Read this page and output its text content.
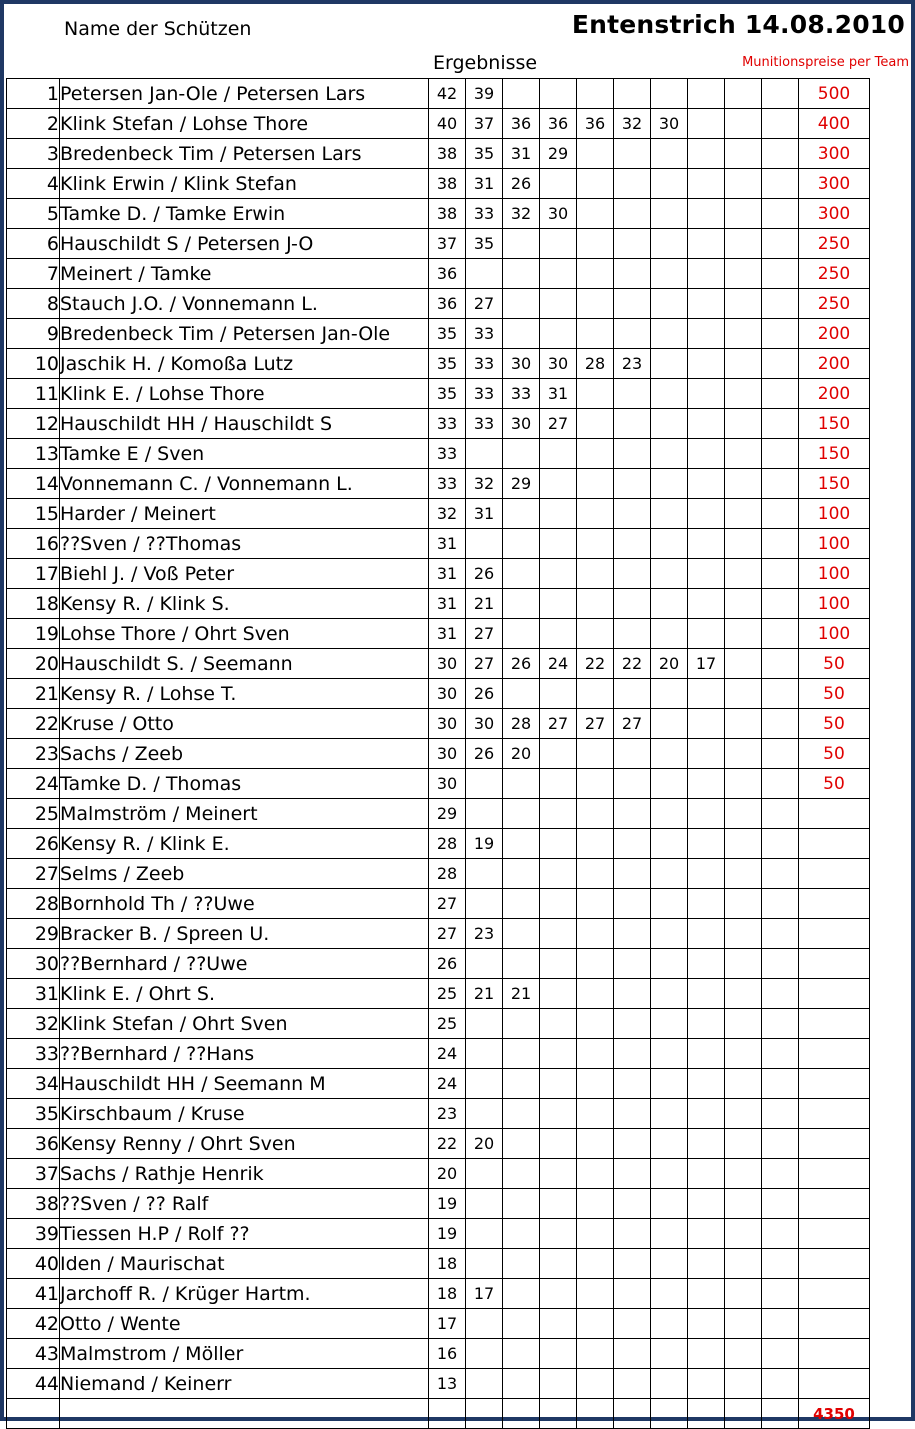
Name der Schützen	Entenstrich 14.08.2010
Ergebnisse	Munitionspreise per Team
1	Petersen Jan-Ole / Petersen Lars	42	39									500
2	Klink Stefan / Lohse Thore	40	37	36	36	36	32	30				400
3	Bredenbeck Tim / Petersen Lars	38	35	31	29							300
4	Klink Erwin / Klink Stefan	38	31	26								300
5	Tamke D. / Tamke Erwin	38	33	32	30							300
6	Hauschildt S / Petersen J-O	37	35									250
7	Meinert / Tamke	36										250
8	Stauch J.O. / Vonnemann L.	36	27									250
9	Bredenbeck Tim / Petersen Jan-Ole	35	33									200
10	Jaschik H. / Komoßa Lutz	35	33	30	30	28	23					200
11	Klink E. / Lohse Thore	35	33	33	31							200
12	Hauschildt HH / Hauschildt S	33	33	30	27							150
13	Tamke E / Sven	33										150
14	Vonnemann C. / Vonnemann L.	33	32	29								150
15	Harder / Meinert	32	31									100
16	??Sven / ??Thomas	31										100
17	Biehl J. / Voß Peter	31	26									100
18	Kensy R. / Klink S.	31	21									100
19	Lohse Thore / Ohrt Sven	31	27									100
20	Hauschildt S. / Seemann	30	27	26	24	22	22	20	17			50
21	Kensy R. / Lohse T.	30	26									50
22	Kruse / Otto	30	30	28	27	27	27					50
23	Sachs / Zeeb	30	26	20								50
24	Tamke D. / Thomas	30										50
25	Malmström / Meinert	29										
26	Kensy R. / Klink E.	28	19									
27	Selms / Zeeb	28										
28	Bornhold Th / ??Uwe	27										
29	Bracker B. / Spreen U.	27	23									
30	??Bernhard / ??Uwe	26										
31	Klink E. / Ohrt S.	25	21	21								
32	Klink Stefan / Ohrt Sven	25										
33	??Bernhard / ??Hans	24										
34	Hauschildt HH / Seemann M	24										
35	Kirschbaum / Kruse	23										
36	Kensy Renny / Ohrt Sven	22	20									
37	Sachs / Rathje Henrik	20										
38	??Sven / ?? Ralf	19										
39	Tiessen H.P / Rolf ??	19										
40	Iden / Maurischat	18										
41	Jarchoff R. / Krüger Hartm.	18	17									
42	Otto / Wente	17										
43	Malmstrom / Möller	16										
44	Niemand / Keinerr	13										
												4350
